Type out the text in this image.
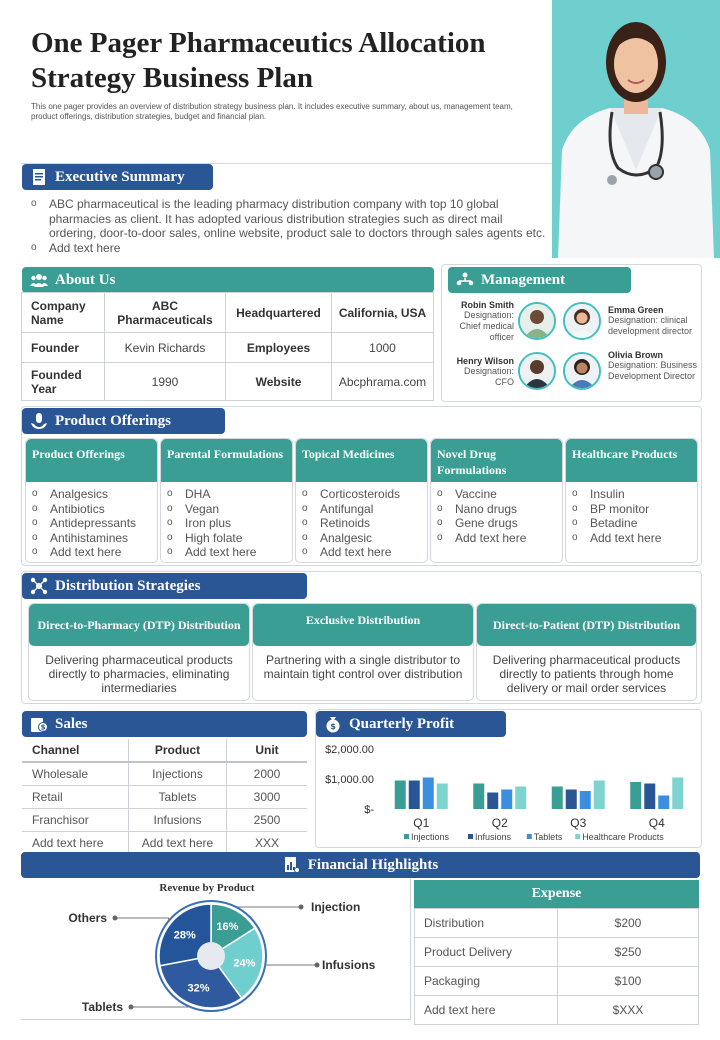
One Pager Pharmaceutics Allocation Strategy Business Plan
This one pager provides an overview of distribution strategy business plan. It includes executive summary, about us, management team, product offerings, distribution strategies, budget and financial plan.
Executive Summary
o	ABC pharmaceutical is the leading pharmacy distribution company with top 10 global pharmacies as client. It has adopted various distribution strategies such as direct mail ordering, door-to-door sales, online website, product sale to doctors through sales agents etc.
o	Add text here
About Us
Company Name	ABC Pharmaceuticals	Headquartered	California, USA
Founder	Kevin Richards	Employees	1000
Founded Year	1990	Website	Abcphrama.com
Management
Robin Smith
Designation: Chief medical officer
Emma Green
Designation: clinical development director
Henry Wilson
Designation: CFO
Olivia Brown
Designation: Business Development Director
Product Offerings
Product Offerings
o	Analgesics
o	Antibiotics
o	Antidepressants
o	Antihistamines
o	Add text here
Parental Formulations
o	DHA
o	Vegan
o	Iron plus
o	High folate
o	Add text here
Topical Medicines
o	Corticosteroids
o	Antifungal
o	Retinoids
o	Analgesic
o	Add text here
Novel Drug Formulations
o	Vaccine
o	Nano drugs
o	Gene drugs
o	Add text here
Healthcare Products
o	Insulin
o	BP monitor
o	Betadine
o	Add text here
Distribution Strategies
Direct-to-Pharmacy (DTP) Distribution
Delivering pharmaceutical products directly to pharmacies, eliminating intermediaries
Exclusive Distribution
Partnering with a single distributor to maintain tight control over distribution
Direct-to-Patient (DTP) Distribution
Delivering pharmaceutical products directly to patients through home delivery or mail order services
$ Sales
Channel	Product	Unit
Wholesale	Injections	2000
Retail	Tablets	3000
Franchisor	Infusions	2500
Add text here	Add text here	XXX
$ Quarterly Profit
$-
$1,000.00
$2,000.00
Q1	Q2	Q3	Q4
Injections	Infusions	Tablets Healthcare Products
Financial Highlights
Revenue by Product
16%
24%
32%
28%
Injection
Infusions
Tablets
Others
Expense
Distribution	$200
Product Delivery	$250
Packaging	$100
Add text here	$XXX
